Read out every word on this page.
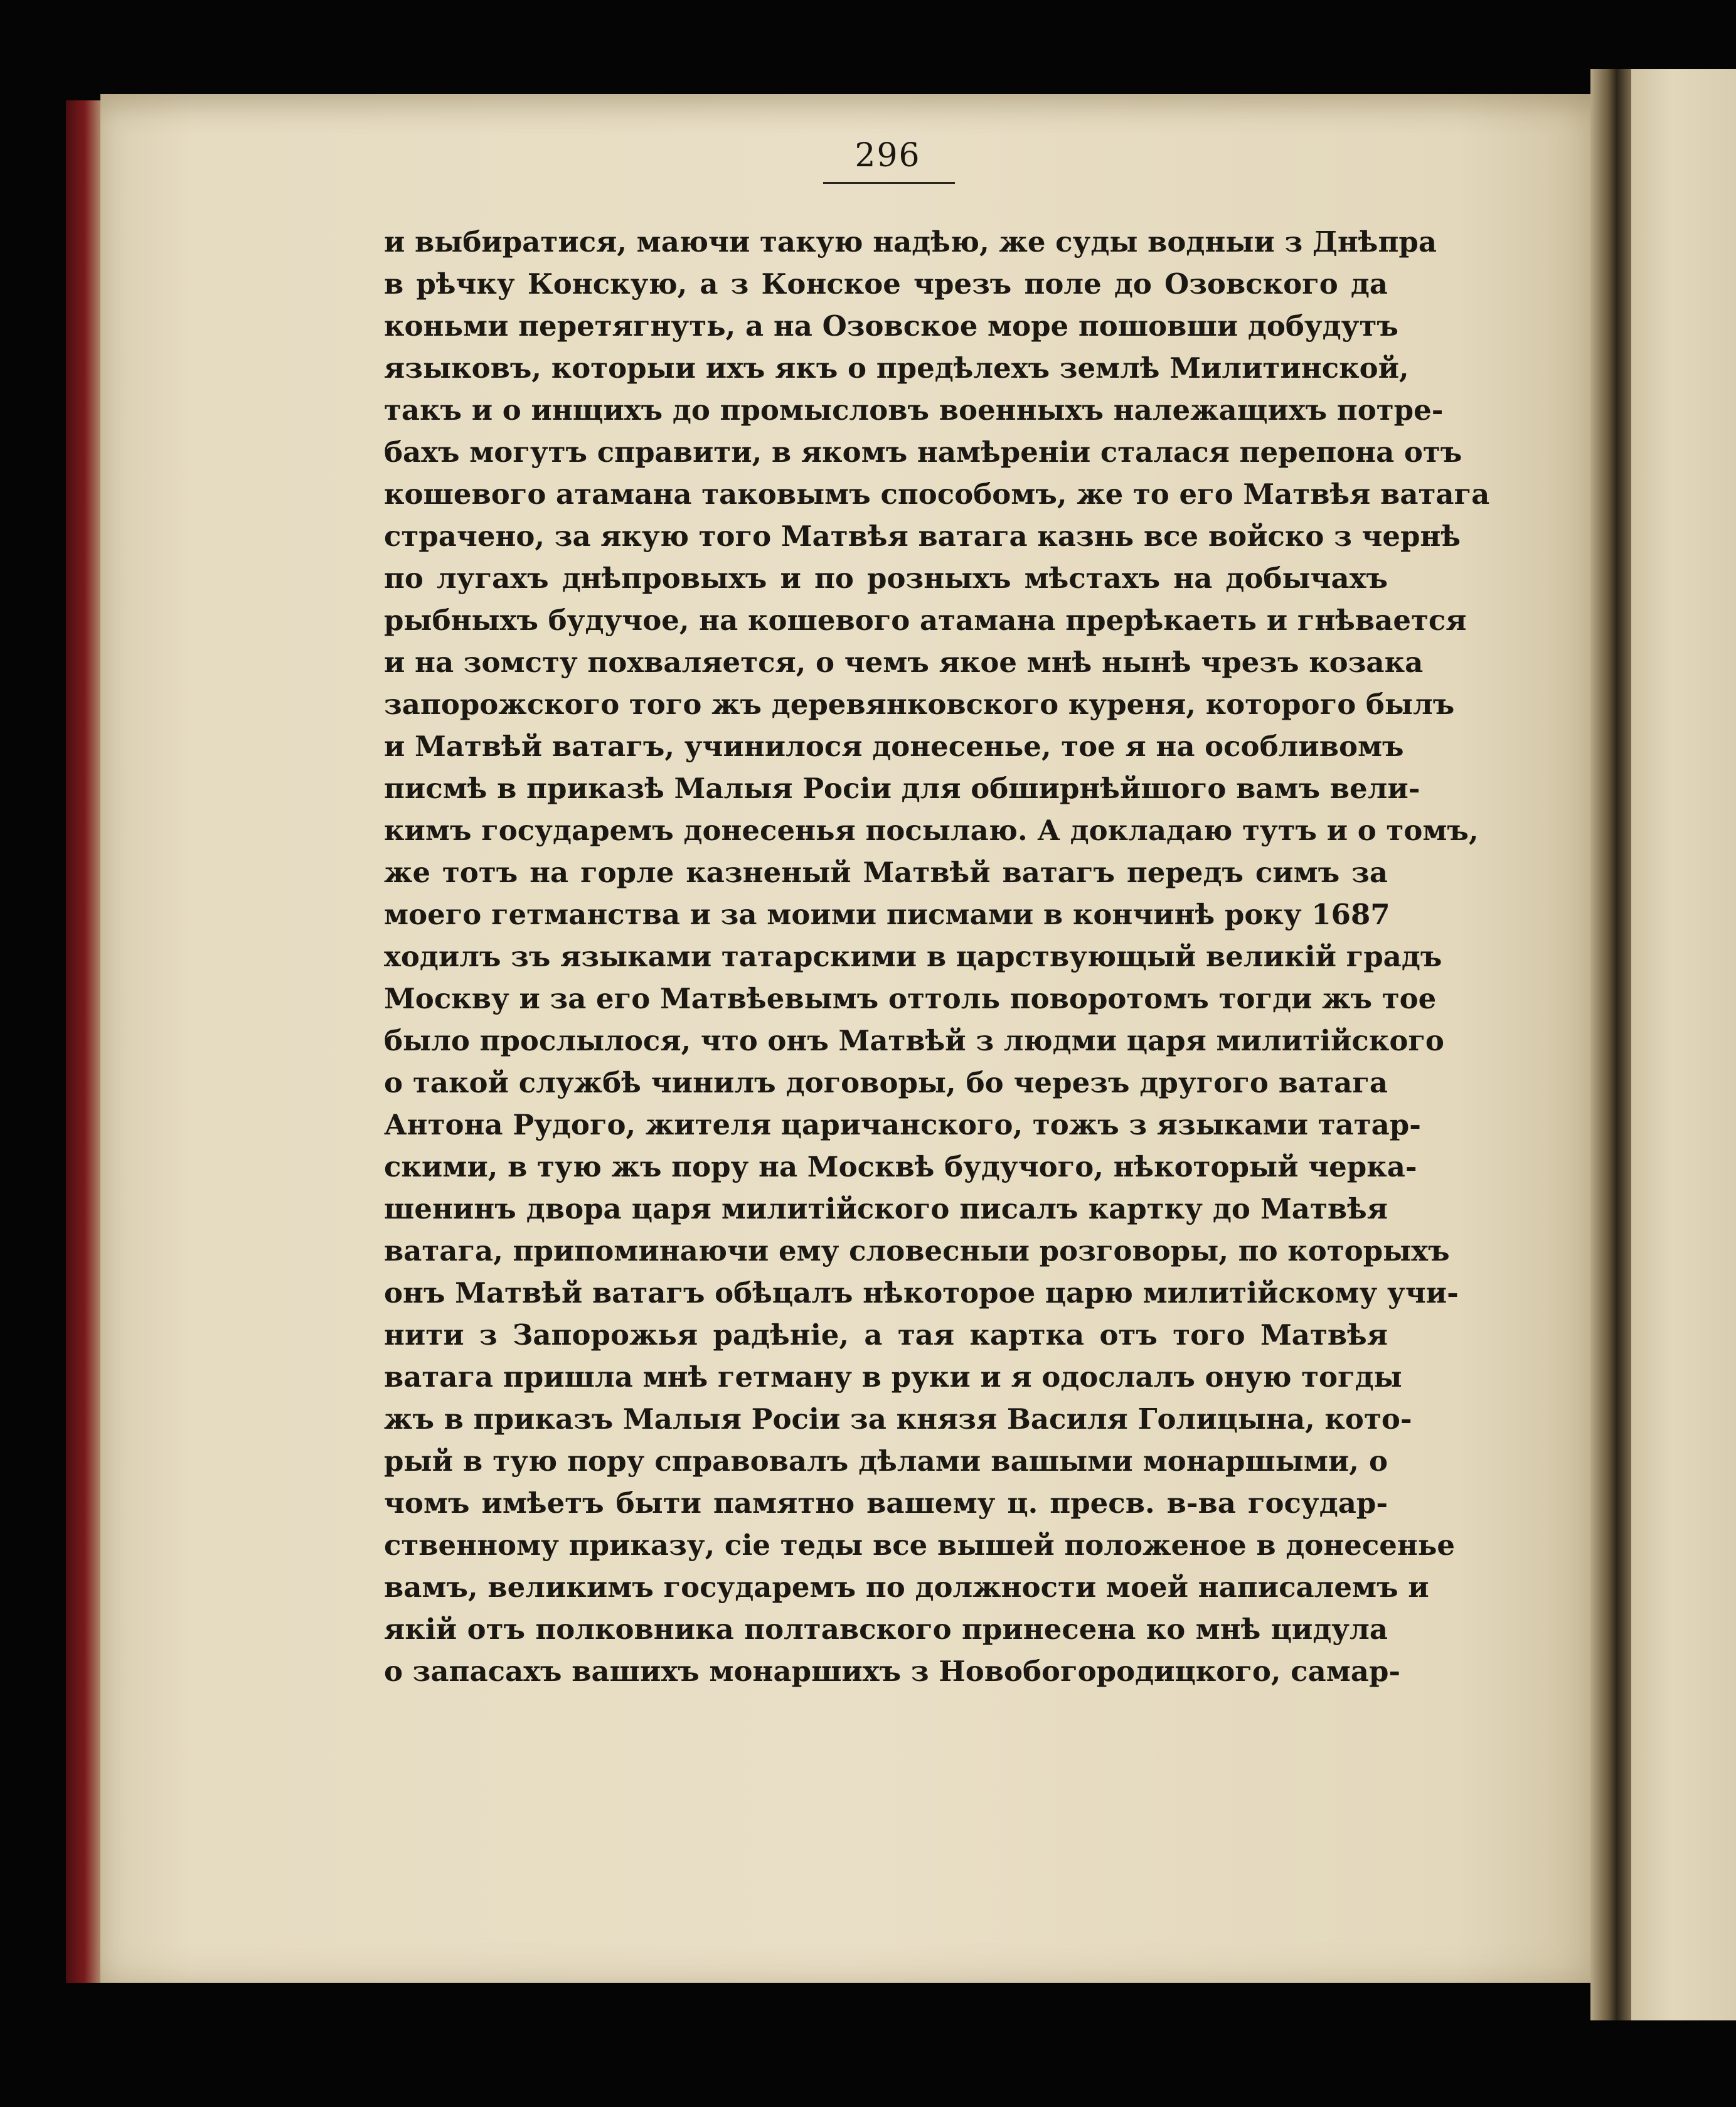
296
и выбиратися, маючи такую надѣю, же суды водныи з Днѣпра
в рѣчку Конскую, а з Конское чрезъ поле до Озовского да
коньми перетягнуть, а на Озовское море пошовши добудутъ
языковъ, которыи ихъ якъ о предѣлехъ землѣ Милитинской,
такъ и о инщихъ до промысловъ военныхъ належащихъ потре-
бахъ могутъ справити, в якомъ намѣреніи сталася перепона отъ
кошевого атамана таковымъ способомъ, же то его Матвѣя ватага
страчено, за якую того Матвѣя ватага казнь все войско з чернѣ
по лугахъ днѣпровыхъ и по розныхъ мѣстахъ на добычахъ
рыбныхъ будучое, на кошевого атамана прерѣкаеть и гнѣвается
и на зомсту похваляется, о чемъ якое мнѣ нынѣ чрезъ козака
запорожского того жъ деревянковского куреня, которого былъ
и Матвѣй ватагъ, учинилося донесенье, тое я на особливомъ
писмѣ в приказѣ Малыя Росіи для обширнѣйшого вамъ вели-
кимъ государемъ донесенья посылаю. А докладаю тутъ и о томъ,
же тотъ на горле казненый Матвѣй ватагъ передъ симъ за
моего гетманства и за моими писмами в кончинѣ року 1687
ходилъ зъ языками татарскими в царствующый великій градъ
Москву и за его Матвѣевымъ оттоль поворотомъ тогди жъ тое
было прослылося, что онъ Матвѣй з людми царя милитійского
о такой службѣ чинилъ договоры, бо черезъ другого ватага
Антона Рудого, жителя царичанского, тожъ з языками татар-
скими, в тую жъ пору на Москвѣ будучого, нѣкоторый черка-
шенинъ двора царя милитійского писалъ картку до Матвѣя
ватага, припоминаючи ему словесныи розговоры, по которыхъ
онъ Матвѣй ватагъ обѣцалъ нѣкоторое царю милитійскому учи-
нити з Запорожья радѣніе, а тая картка отъ того Матвѣя
ватага пришла мнѣ гетману в руки и я одослалъ оную тогды
жъ в приказъ Малыя Росіи за князя Василя Голицына, кото-
рый в тую пору справовалъ дѣлами вашыми монаршыми, о
чомъ имѣетъ быти памятно вашему ц. пресв. в-ва государ-
ственному приказу, сіе теды все вышей положеное в донесенье
вамъ, великимъ государемъ по должности моей написалемъ и
якій отъ полковника полтавского принесена ко мнѣ цидула
о запасахъ вашихъ монаршихъ з Новобогородицкого, самар-
